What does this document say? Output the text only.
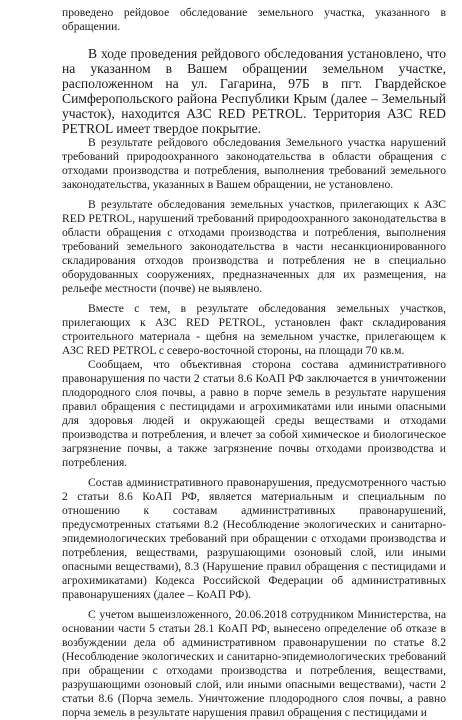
проведено рейдовое обследование земельного участка, указанного в обращении.

В ходе проведения рейдового обследования установлено, что на указанном в Вашем обращении земельном участке, расположенном на ул. Гагарина, 97Б в пгт. Гвардейское Симферопольского района Республики Крым (далее – Земельный участок), находится АЗС RED PETROL. Территория АЗС RED PETROL имеет твердое покрытие.

В результате рейдового обследования Земельного участка нарушений требований природоохранного законодательства в области обращения с отходами производства и потребления, выполнения требований земельного законодательства, указанных в Вашем обращении, не установлено.

В результате обследования земельных участков, прилегающих к АЗС RED PETROL, нарушений требований природоохранного законодательства в области обращения с отходами производства и потребления, выполнения требований земельного законодательства в части несанкционированного складирования отходов производства и потребления не в специально оборудованных сооружениях, предназначенных для их размещения, на рельефе местности (почве) не выявлено.

Вместе с тем, в результате обследования земельных участков, прилегающих к АЗС RED PETROL, установлен факт складирования строительного материала - щебня на земельном участке, прилегающем к АЗС RED PETROL с северо-восточной стороны, на площади 70 кв.м.

Сообщаем, что объективная сторона состава административного правонарушения по части 2 статьи 8.6 КоАП РФ заключается в уничтожении плодородного слоя почвы, а равно в порче земель в результате нарушения правил обращения с пестицидами и агрохимикатами или иными опасными для здоровья людей и окружающей среды веществами и отходами производства и потребления, и влечет за собой химическое и биологическое загрязнение почвы, а также загрязнение почвы отходами производства и потребления.

Состав административного правонарушения, предусмотренного частью 2 статьи 8.6 КоАП РФ, является материальным и специальным по отношению к составам административных правонарушений, предусмотренных статьями 8.2 (Несоблюдение экологических и санитарно-эпидемиологических требований при обращении с отходами производства и потребления, веществами, разрушающими озоновый слой, или иными опасными веществами), 8.3 (Нарушение правил обращения с пестицидами и агрохимикатами) Кодекса Российской Федерации об административных правонарушениях (далее – КоАП РФ).

С учетом вышеизложенного, 20.06.2018 сотрудником Министерства, на основании части 5 статьи 28.1 КоАП РФ, вынесено определение об отказе в возбуждении дела об административном правонарушении по статье 8.2 (Несоблюдение экологических и санитарно-эпидемиологических требований при обращении с отходами производства и потребления, веществами, разрушающими озоновый слой, или иными опасными веществами), части 2 статьи 8.6 (Порча земель. Уничтожение плодородного слоя почвы, а равно порча земель в результате нарушения правил обращения с пестицидами и
